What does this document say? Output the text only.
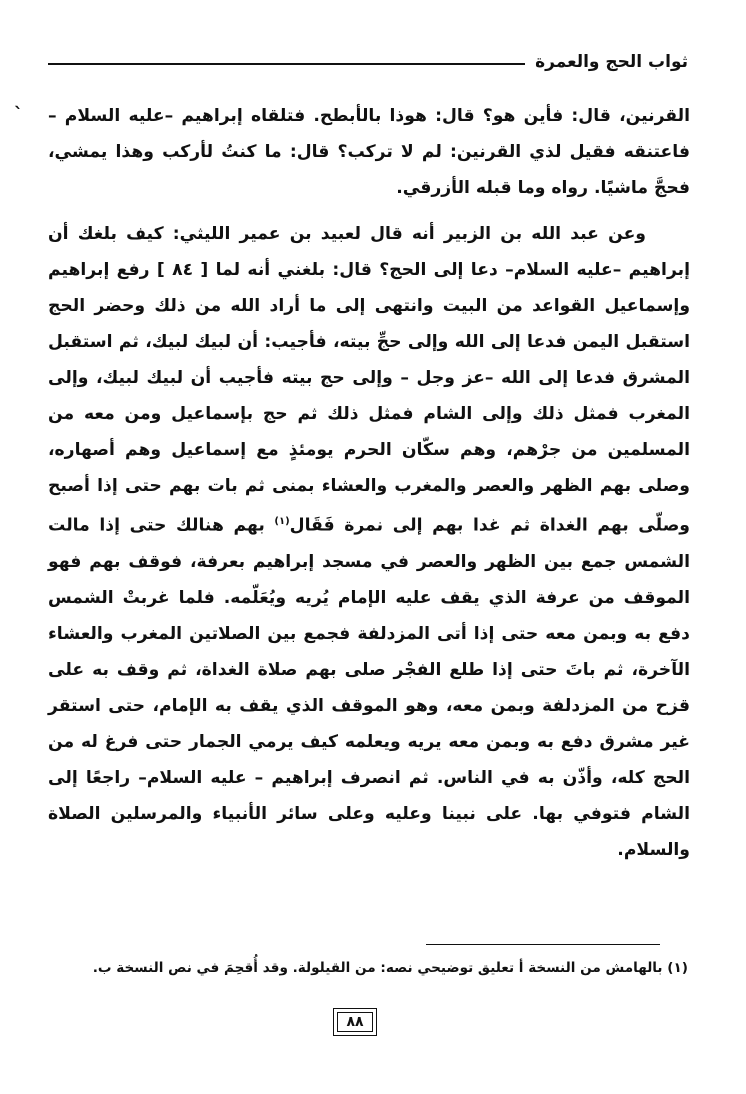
ثواب الحج والعمرة
` القرنين، قال: فأين هو؟ قال: هوذا بالأبطح. فتلقاه إبراهيم –عليه السلام – فاعتنقه فقيل لذي القرنين: لم لا تركب؟ قال: ما كنتُ لأركب وهذا يمشي، فحجَّ ماشيًا. رواه وما قبله الأزرقي.

وعن عبد الله بن الزبير أنه قال لعبيد بن عمير الليثي: كيف بلغك أن إبراهيم –عليه السلام– دعا إلى الحج؟ قال: بلغني أنه لما [ ٨٤ ] رفع إبراهيم وإسماعيل القواعد من البيت وانتهى إلى ما أراد الله من ذلك وحضر الحج استقبل اليمن فدعا إلى الله وإلى حجِّ بيته، فأجيب: أن لبيك لبيك، ثم استقبل المشرق فدعا إلى الله –عز وجل – وإلى حج بيته فأجيب أن لبيك لبيك، وإلى المغرب فمثل ذلك وإلى الشام فمثل ذلك ثم حج بإسماعيل ومن معه من المسلمين من جرْهم، وهم سكّان الحرم يومئذٍ مع إسماعيل وهم أصهاره، وصلى بهم الظهر والعصر والمغرب والعشاء بمنى ثم بات بهم حتى إذا أصبح وصلّى بهم الغداة ثم غدا بهم إلى نمرة فَقَال$^{(١)}$ بهم هنالك حتى إذا مالت الشمس جمع بين الظهر والعصر في مسجد إبراهيم بعرفة، فوقف بهم فهو الموقف من عرفة الذي يقف عليه الإمام يُريه ويُعَلّمه. فلما غربتْ الشمس دفع به وبمن معه حتى إذا أتى المزدلفة فجمع بين الصلاتين المغرب والعشاء الآخرة، ثم باتَ حتى إذا طلع الفجْر صلى بهم صلاة الغداة، ثم وقف به على قزح من المزدلفة وبمن معه، وهو الموقف الذي يقف به الإمام، حتى استقر غير مشرق دفع به وبمن معه يريه ويعلمه كيف يرمي الجمار حتى فرغ له من الحج كله، وأذّن به في الناس. ثم انصرف إبراهيم – عليه السلام– راجعًا إلى الشام فتوفي بها. على نبينا وعليه وعلى سائر الأنبياء والمرسلين الصلاة والسلام.

(١) بالهامش من النسخة أ تعليق توضيحي نصه: من القيلولة. وقد أُقحِمَ في نص النسخة ب.
٨٨
